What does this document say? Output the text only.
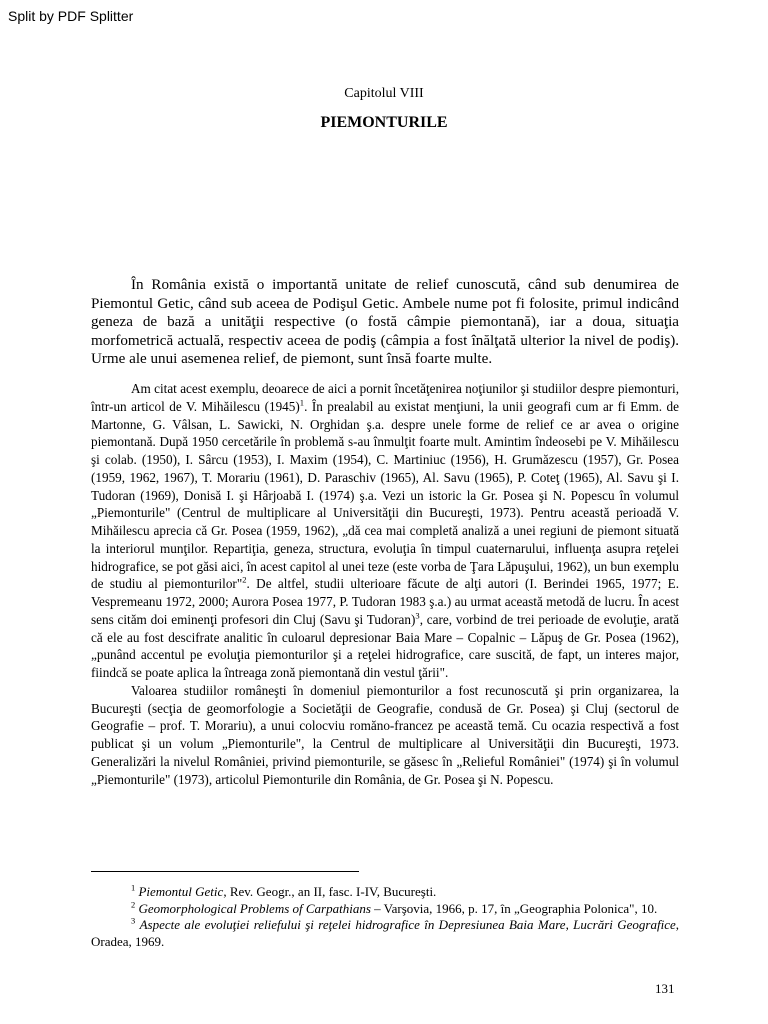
Split by PDF Splitter
Capitolul VIII
PIEMONTURILE

În România există o importantă unitate de relief cunoscută, când sub denumirea de Piemontul Getic, când sub aceea de Podişul Getic. Ambele nume pot fi folosite, primul indicând geneza de bază a unităţii respective (o fostă câmpie piemontană), iar a doua, situaţia morfometrică actuală, respectiv aceea de podiş (câmpia a fost înălţată ulterior la nivel de podiş). Urme ale unui asemenea relief, de piemont, sunt însă foarte multe.

Am citat acest exemplu, deoarece de aici a pornit încetăţenirea noţiunilor şi studiilor despre piemonturi, într-un articol de V. Mihăilescu $(1945)^1$. În prealabil au existat menţiuni, la unii geografi cum ar fi Emm. de Martonne, G. Vâlsan, L. Sawicki, N. Orghidan ş.a. despre unele forme de relief ce ar avea o origine piemontană. După 1950 cercetările în problemă s-au înmulţit foarte mult. Amintim îndeosebi pe V. Mihăilescu şi colab. (1950), I. Sârcu (1953), I. Maxim (1954), C. Martiniuc (1956), H. Grumăzescu (1957), Gr. Posea (1959, 1962, 1967), T. Morariu (1961), D. Paraschiv (1965), Al. Savu (1965), P. Coteţ (1965), Al. Savu şi I. Tudoran (1969), Donisă I. şi Hârjoabă I. (1974) ş.a. Vezi un istoric la Gr. Posea şi N. Popescu în volumul „Piemonturile" (Centrul de multiplicare al Universităţii din Bucureşti, 1973). Pentru această perioadă V. Mihăilescu aprecia că Gr. Posea (1959, 1962), „dă cea mai completă analiză a unei regiuni de piemont situată la interiorul munţilor. Repartiţia, geneza, structura, evoluţia în timpul cuaternarului, influenţa asupra reţelei hidrografice, se pot găsi aici, în acest capitol al unei teze (este vorba de Ţara Lăpuşului, 1962), un bun exemplu de studiu al piemonturilor"$^2$. De altfel, studii ulterioare făcute de alţi autori (I. Berindei 1965, 1977; E. Vespremeanu 1972, 2000; Aurora Posea 1977, P. Tudoran 1983 ş.a.) au urmat această metodă de lucru. În acest sens cităm doi eminenţi profesori din Cluj (Savu şi Tudoran)$^3$, care, vorbind de trei perioade de evoluţie, arată că ele au fost descifrate analitic în culoarul depresionar Baia Mare – Copalnic – Lăpuş de Gr. Posea (1962), „punând accentul pe evoluţia piemonturilor şi a reţelei hidrografice, care suscită, de fapt, un interes major, fiindcă se poate aplica la întreaga zonă piemontană din vestul ţării".

Valoarea studiilor româneşti în domeniul piemonturilor a fost recunoscută şi prin organizarea, la Bucureşti (secţia de geomorfologie a Societăţii de Geografie, condusă de Gr. Posea) şi Cluj (sectorul de Geografie – prof. T. Morariu), a unui colocviu romăno-francez pe această temă. Cu ocazia respectivă a fost publicat şi un volum „Piemonturile", la Centrul de multiplicare al Universităţii din Bucureşti, 1973. Generalizări la nivelul României, privind piemonturile, se găsesc în „Relieful României" (1974) şi în volumul „Piemonturile" (1973), articolul Piemonturile din România, de Gr. Posea şi N. Popescu.

$^1$ Piemontul Getic, Rev. Geogr., an II, fasc. I-IV, Bucureşti.

$^2$ Geomorphological Problems of Carpathians – Varşovia, 1966, p. 17, în „Geographia Polonica", 10.

$^3$ Aspecte ale evoluţiei reliefului şi reţelei hidrografice în Depresiunea Baia Mare, Lucrări Geografice, Oradea, 1969.

131
